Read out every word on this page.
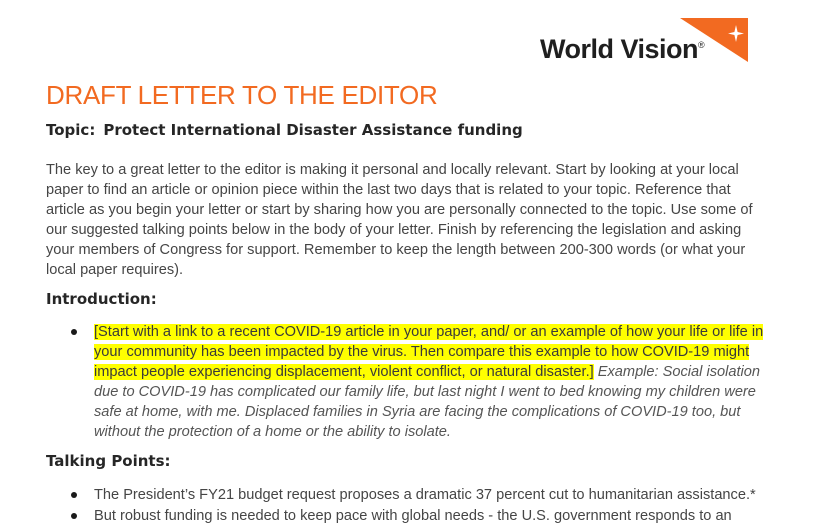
World Vision®
DRAFT LETTER TO THE EDITOR
Topic: Protect International Disaster Assistance funding

The key to a great letter to the editor is making it personal and locally relevant. Start by looking at your local paper to find an article or opinion piece within the last two days that is related to your topic. Reference that article as you begin your letter or start by sharing how you are personally connected to the topic. Use some of our suggested talking points below in the body of your letter. Finish by referencing the legislation and asking your members of Congress for support. Remember to keep the length between 200-300 words (or what your local paper requires).

Introduction:
[Start with a link to a recent COVID-19 article in your paper, and/ or an example of how your life or life in your community has been impacted by the virus. Then compare this example to how COVID-19 might impact people experiencing displacement, violent conflict, or natural disaster.] Example: Social isolation due to COVID-19 has complicated our family life, but last night I went to bed knowing my children were safe at home, with me. Displaced families in Syria are facing the complications of COVID-19 too, but without the protection of a home or the ability to isolate.
Talking Points:
The President’s FY21 budget request proposes a dramatic 37 percent cut to humanitarian assistance.*
But robust funding is needed to keep pace with global needs - the U.S. government responds to an
